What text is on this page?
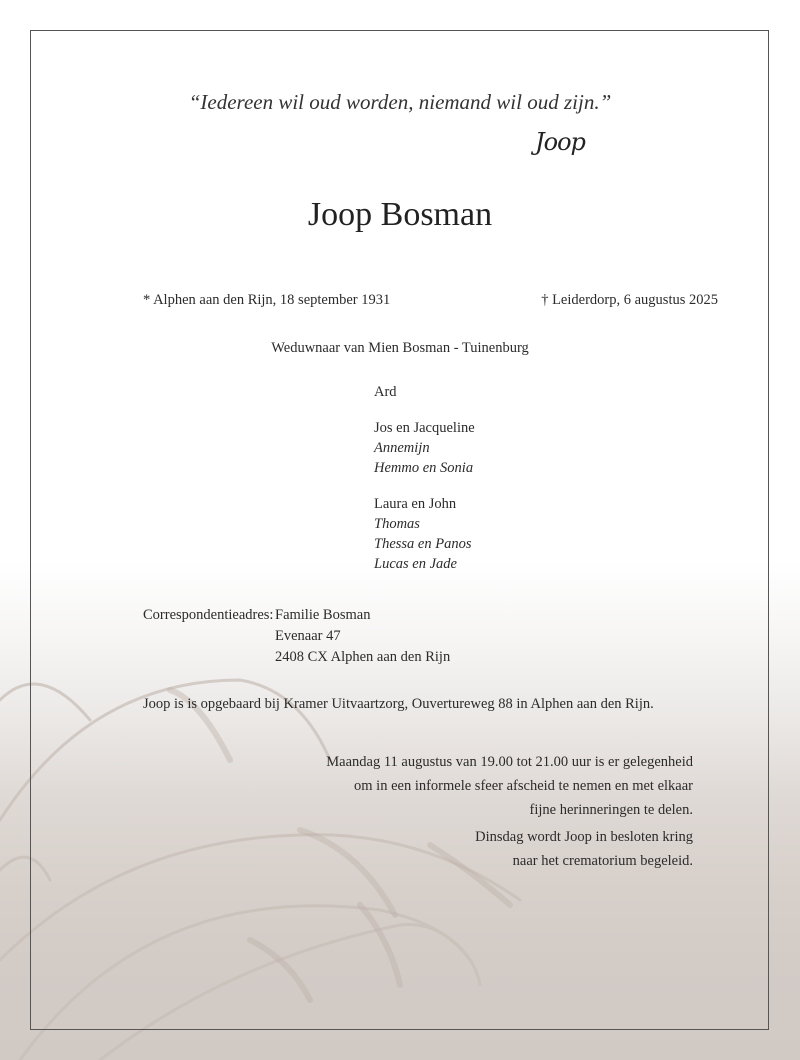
“Iedereen wil oud worden, niemand wil oud zijn.”
Joop
Joop Bosman
* Alphen aan den Rijn, 18 september 1931	† Leiderdorp, 6 augustus 2025
Weduwnaar van Mien Bosman - Tuinenburg
Ard
Jos en Jacqueline
Annemijn
Hemmo en Sonia
Laura en John
Thomas
Thessa en Panos
Lucas en Jade
Correspondentieadres: Familie Bosman
Evenaar 47
2408 CX Alphen aan den Rijn
Joop is is opgebaard bij Kramer Uitvaartzorg, Ouvertureweg 88 in Alphen aan den Rijn.
Maandag 11 augustus van 19.00 tot 21.00 uur is er gelegenheid
om in een informele sfeer afscheid te nemen en met elkaar
fijne herinneringen te delen.
Dinsdag wordt Joop in besloten kring
naar het crematorium begeleid.
